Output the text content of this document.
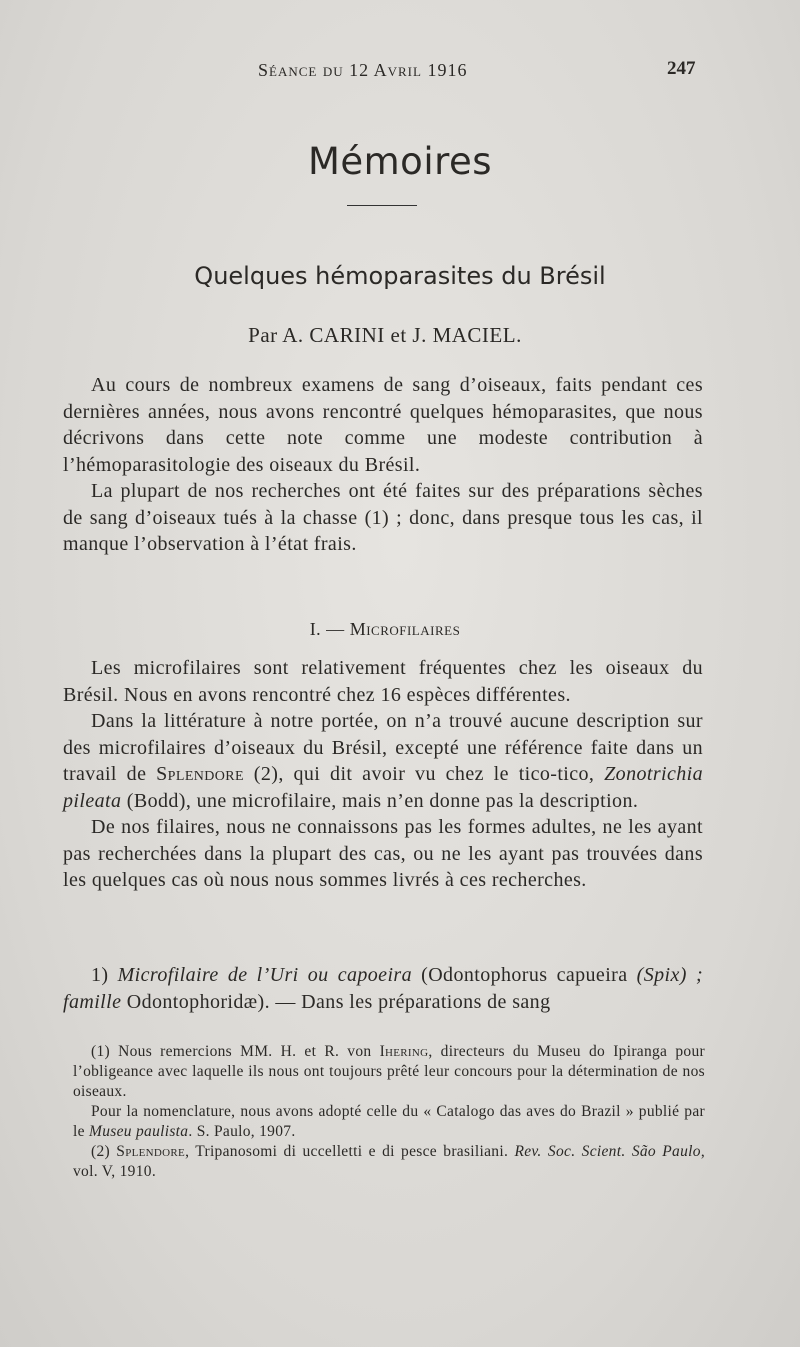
Séance du 12 Avril 1916	247
Mémoires
Quelques hémoparasites du Brésil
Par A. CARINI et J. MACIEL.

Au cours de nombreux examens de sang d’oiseaux, faits pendant ces dernières années, nous avons rencontré quelques hémoparasites, que nous décrivons dans cette note comme une modeste contribution à l’hémoparasitologie des oiseaux du Brésil.

La plupart de nos recherches ont été faites sur des préparations sèches de sang d’oiseaux tués à la chasse (1) ; donc, dans presque tous les cas, il manque l’observation à l’état frais.

I. — Microfilaires

Les microfilaires sont relativement fréquentes chez les oiseaux du Brésil. Nous en avons rencontré chez 16 espèces différentes.

Dans la littérature à notre portée, on n’a trouvé aucune description sur des microfilaires d’oiseaux du Brésil, excepté une référence faite dans un travail de Splendore (2), qui dit avoir vu chez le tico-tico, Zonotrichia pileata (Bodd), une microfilaire, mais n’en donne pas la description.

De nos filaires, nous ne connaissons pas les formes adultes, ne les ayant pas recherchées dans la plupart des cas, ou ne les ayant pas trouvées dans les quelques cas où nous nous sommes livrés à ces recherches.

1) Microfilaire de l’Uri ou capoeira (Odontophorus capueira (Spix) ; famille Odontophoridæ). — Dans les préparations de sang

(1) Nous remercions MM. H. et R. von Ihering, directeurs du Museu do Ipiranga pour l’obligeance avec laquelle ils nous ont toujours prêté leur concours pour la détermination de nos oiseaux.

Pour la nomenclature, nous avons adopté celle du « Catalogo das aves do Brazil » publié par le Museu paulista. S. Paulo, 1907.

(2) Splendore, Tripanosomi di uccelletti e di pesce brasiliani. Rev. Soc. Scient. São Paulo, vol. V, 1910.
